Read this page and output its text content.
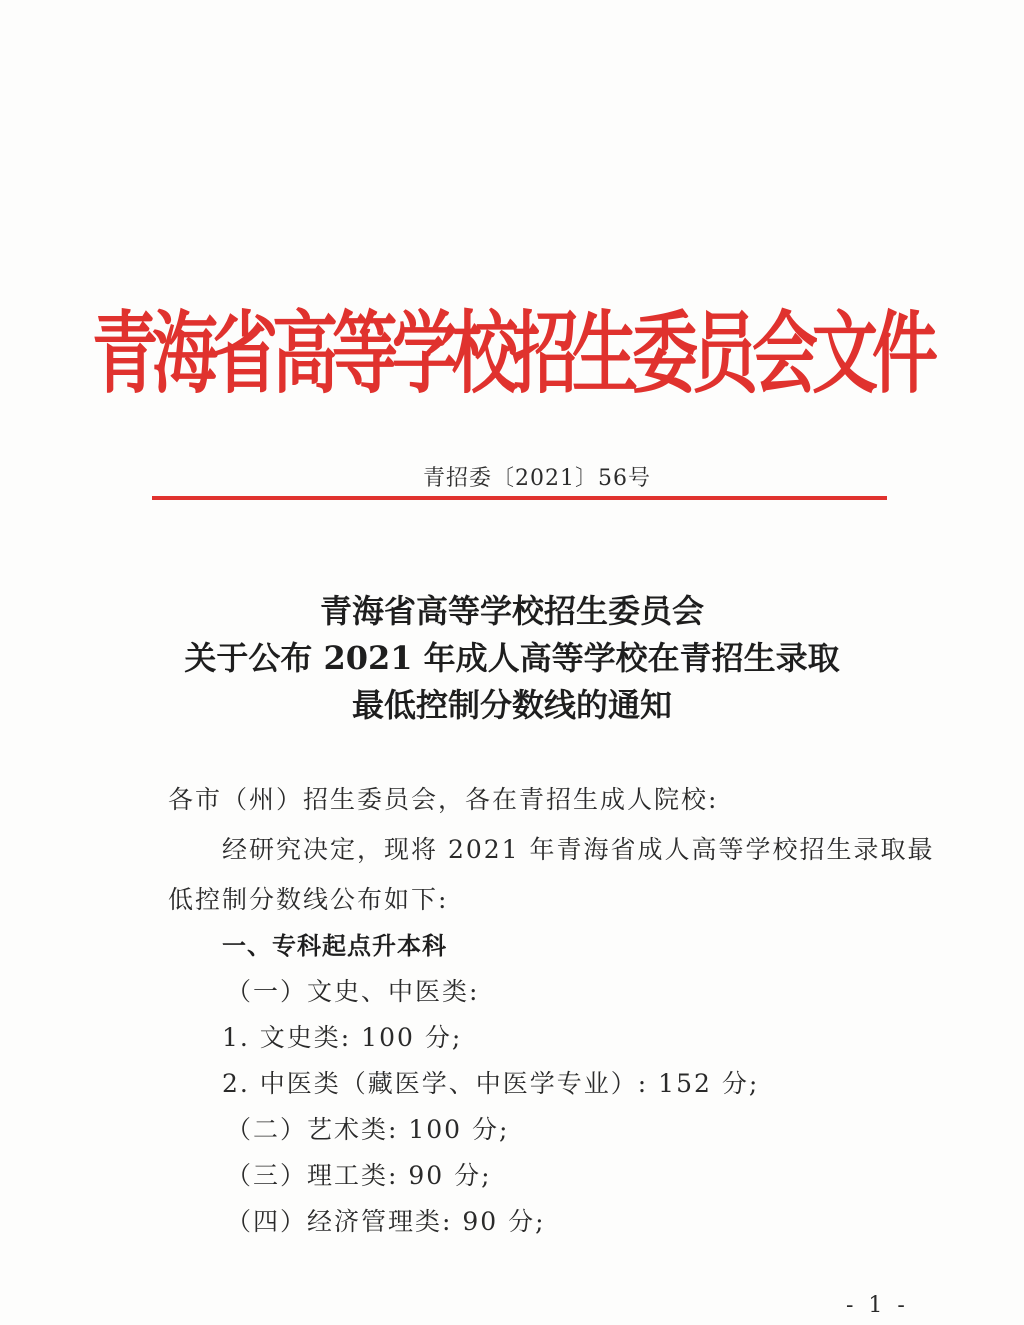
青海省高等学校招生委员会文件
青招委〔2021〕56号
青海省高等学校招生委员会
关于公布 2021 年成人高等学校在青招生录取
最低控制分数线的通知
各市（州）招生委员会，各在青招生成人院校:
经研究决定，现将 2021 年青海省成人高等学校招生录取最
低控制分数线公布如下:
一、专科起点升本科
（一）文史、中医类:
1. 文史类: 100 分;
2. 中医类（藏医学、中医学专业）: 152 分;
（二）艺术类: 100 分;
（三）理工类: 90 分;
（四）经济管理类: 90 分;
- 1 -
